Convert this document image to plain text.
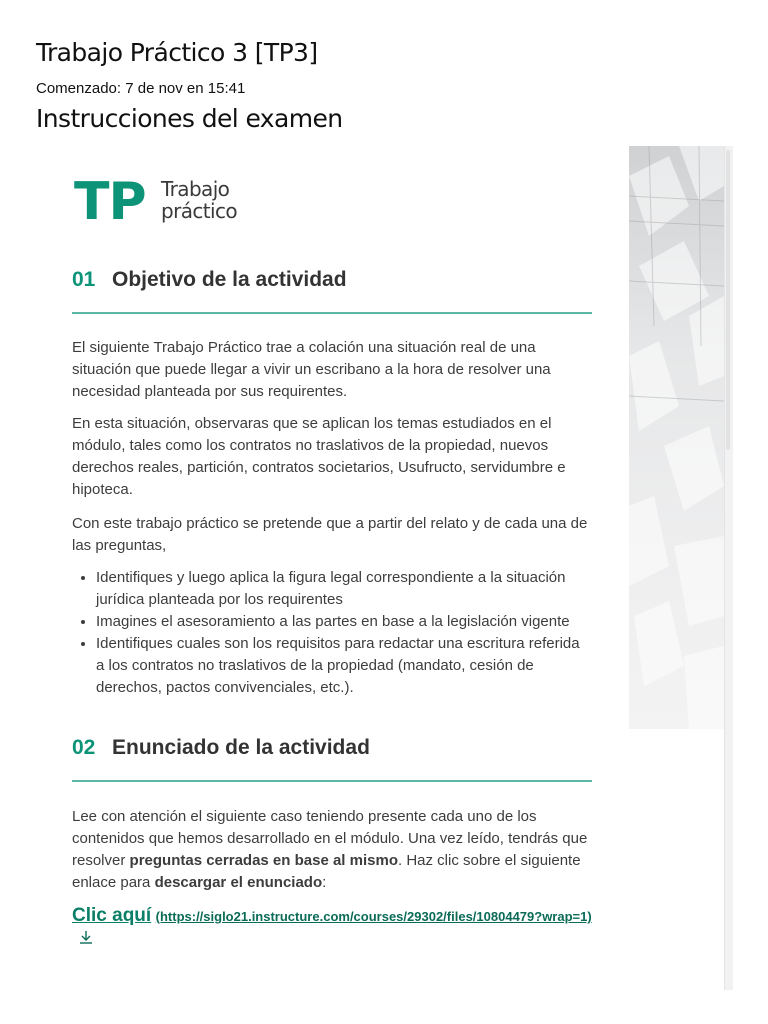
Trabajo Práctico 3 [TP3]
Comenzado: 7 de nov en 15:41
Instrucciones del examen
TP Trabajo
práctico
01 Objetivo de la actividad

El siguiente Trabajo Práctico trae a colación una situación real de una situación que puede llegar a vivir un escribano a la hora de resolver una necesidad planteada por sus requirentes.

En esta situación, observaras que se aplican los temas estudiados en el módulo, tales como los contratos no traslativos de la propiedad, nuevos derechos reales, partición, contratos societarios, Usufructo, servidumbre e hipoteca.

Con este trabajo práctico se pretende que a partir del relato y de cada una de las preguntas,

• Identifiques y luego aplica la figura legal correspondiente a la situación jurídica planteada por los requirentes
• Imagines el asesoramiento a las partes en base a la legislación vigente
• Identifiques cuales son los requisitos para redactar una escritura referida a los contratos no traslativos de la propiedad (mandato, cesión de derechos, pactos convivenciales, etc.).
02 Enunciado de la actividad

Lee con atención el siguiente caso teniendo presente cada uno de los contenidos que hemos desarrollado en el módulo. Una vez leído, tendrás que resolver preguntas cerradas en base al mismo. Haz clic sobre el siguiente enlace para descargar el enunciado:

Clic aquí (https://siglo21.instructure.com/courses/29302/files/10804479?wrap=1)
